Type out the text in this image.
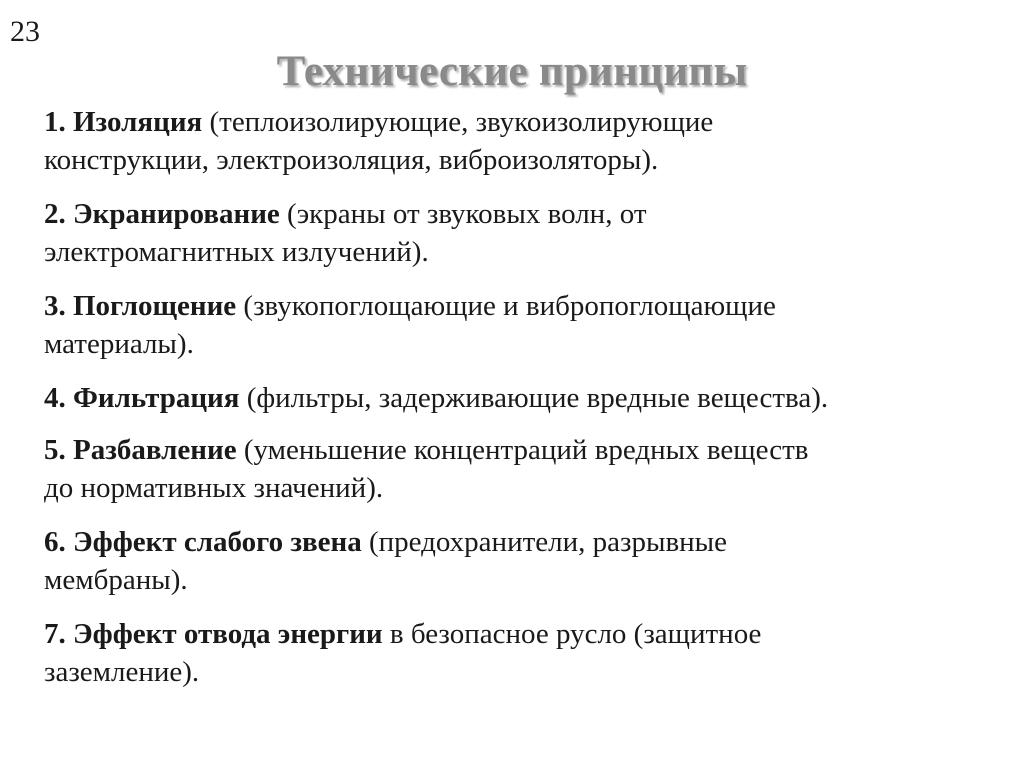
23
Технические принципы
1. Изоляция (теплоизолирующие, звукоизолирующие
конструкции, электроизоляция, виброизоляторы).
2. Экранирование (экраны от звуковых волн, от
электромагнитных излучений).
3. Поглощение (звукопоглощающие и вибропоглощающие
материалы).
4. Фильтрация (фильтры, задерживающие вредные вещества).
5. Разбавление (уменьшение концентраций вредных веществ
до нормативных значений).
6. Эффект слабого звена (предохранители, разрывные
мембраны).
7. Эффект отвода энергии в безопасное русло (защитное
заземление).
